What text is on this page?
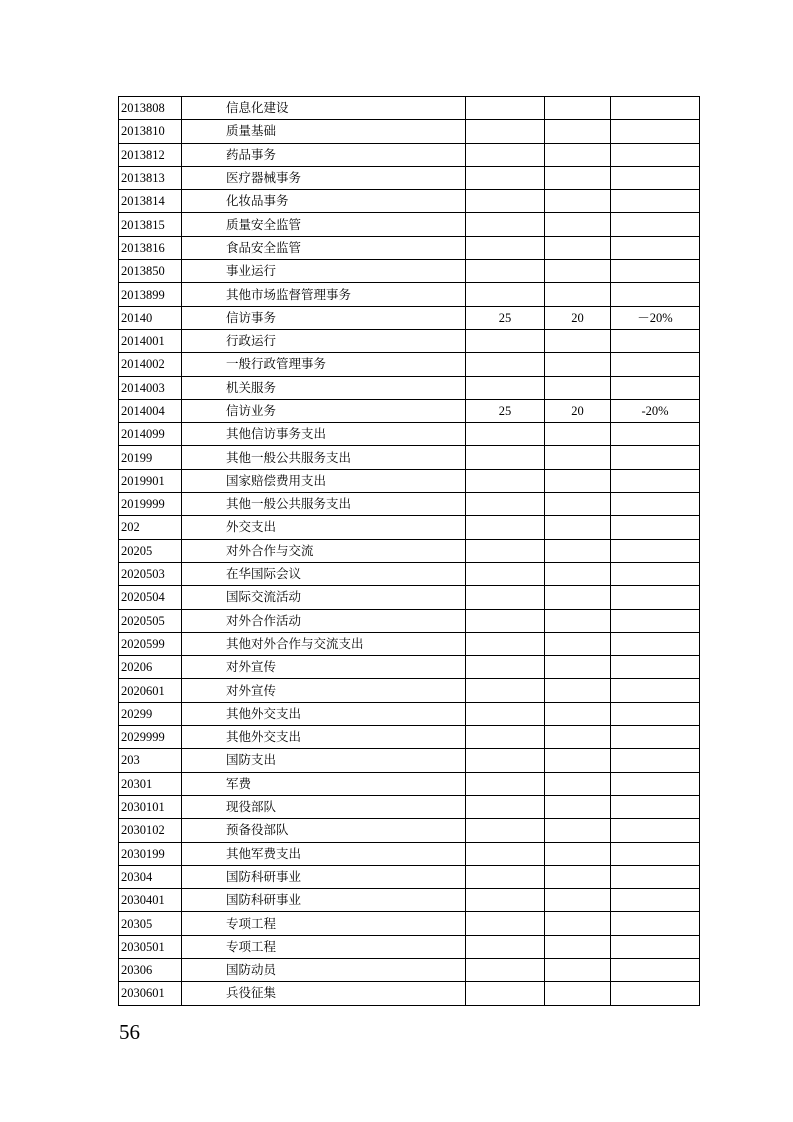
2013808	信息化建设			
2013810	质量基础			
2013812	药品事务			
2013813	医疗器械事务			
2013814	化妆品事务			
2013815	质量安全监管			
2013816	食品安全监管			
2013850	事业运行			
2013899	其他市场监督管理事务			
20140	信访事务	25	20	－20%
2014001	行政运行			
2014002	一般行政管理事务			
2014003	机关服务			
2014004	信访业务	25	20	-20%
2014099	其他信访事务支出			
20199	其他一般公共服务支出			
2019901	国家赔偿费用支出			
2019999	其他一般公共服务支出			
202	外交支出			
20205	对外合作与交流			
2020503	在华国际会议			
2020504	国际交流活动			
2020505	对外合作活动			
2020599	其他对外合作与交流支出			
20206	对外宣传			
2020601	对外宣传			
20299	其他外交支出			
2029999	其他外交支出			
203	国防支出			
20301	军费			
2030101	现役部队			
2030102	预备役部队			
2030199	其他军费支出			
20304	国防科研事业			
2030401	国防科研事业			
20305	专项工程			
2030501	专项工程			
20306	国防动员			
2030601	兵役征集			
56
